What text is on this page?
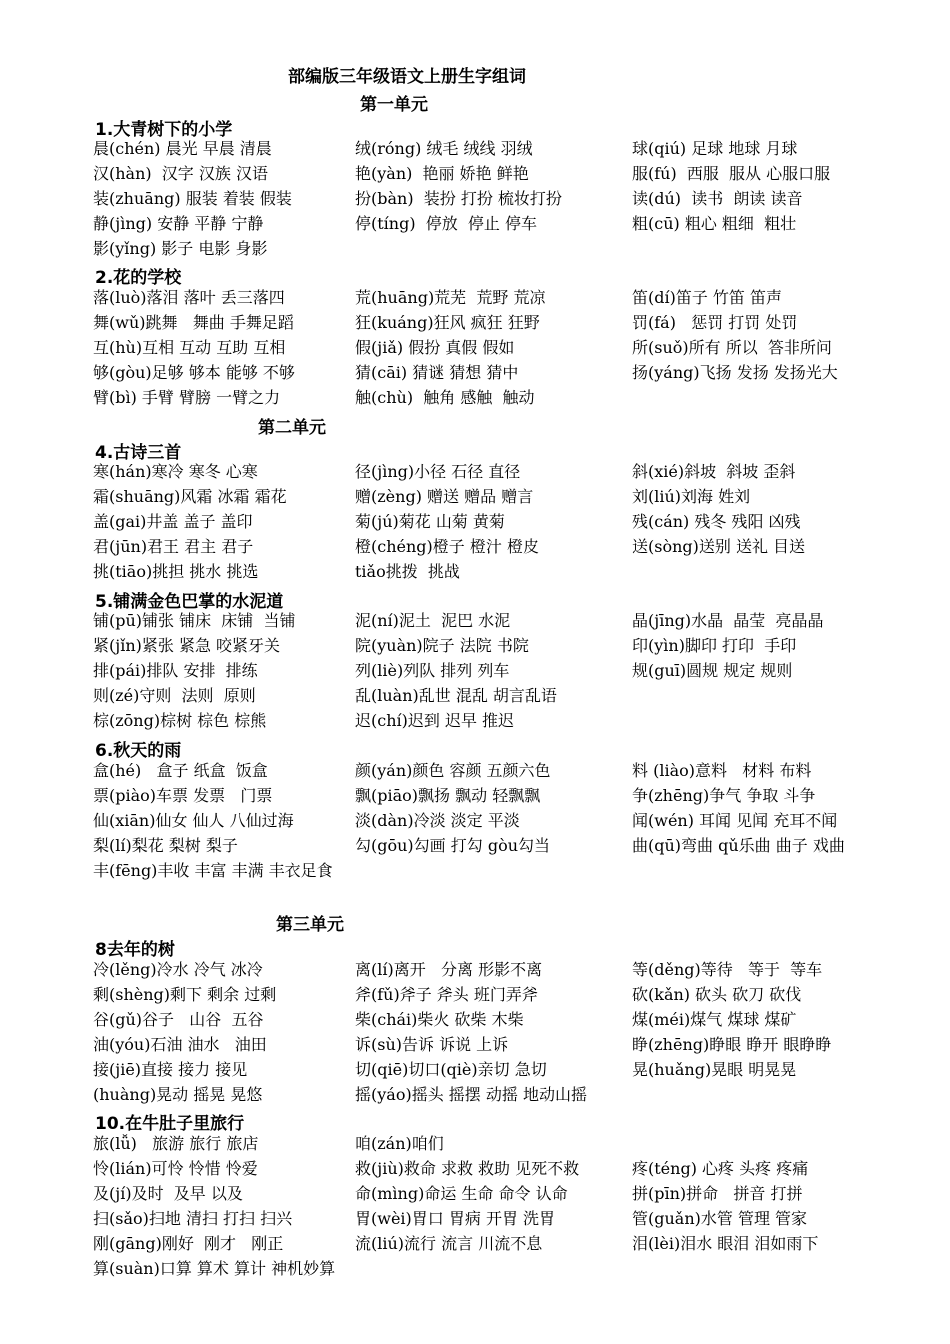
部编版三年级语文上册生字组词
第一单元
1.大青树下的小学
晨(chén) 晨光 早晨 清晨	绒(róng) 绒毛 绒线 羽绒	球(qiú) 足球 地球 月球
汉(hàn)  汉字 汉族 汉语	艳(yàn)  艳丽 娇艳 鲜艳	服(fú)  西服  服从 心服口服
装(zhuāng) 服装 着装 假装	扮(bàn)  装扮 打扮 梳妆打扮	读(dú)  读书  朗读 读音
静(jìng) 安静 平静 宁静	停(tíng)  停放  停止 停车	粗(cū) 粗心 粗细  粗壮
影(yǐng) 影子 电影 身影
2.花的学校
落(luò)落泪 落叶 丢三落四	荒(huāng)荒芜  荒野 荒凉	笛(dí)笛子 竹笛 笛声
舞(wǔ)跳舞   舞曲 手舞足蹈	狂(kuáng)狂风 疯狂 狂野	罚(fá)   惩罚 打罚 处罚
互(hù)互相 互动 互助 互相	假(jiǎ) 假扮 真假 假如	所(suǒ)所有 所以  答非所问
够(gòu)足够 够本 能够 不够	猜(cāi) 猜谜 猜想 猜中	扬(yáng)飞扬 发扬 发扬光大
臂(bì) 手臂 臂膀 一臂之力	触(chù)  触角 感触  触动
第二单元
4.古诗三首
寒(hán)寒冷 寒冬 心寒	径(jìng)小径 石径 直径	斜(xié)斜坡  斜坡 歪斜
霜(shuāng)风霜 冰霜 霜花	赠(zèng) 赠送 赠品 赠言	刘(liú)刘海 姓刘
盖(gai)井盖 盖子 盖印	菊(jú)菊花 山菊 黄菊	残(cán) 残冬 残阳 凶残
君(jūn)君王 君主 君子	橙(chéng)橙子 橙汁 橙皮	送(sòng)送别 送礼 目送
挑(tiāo)挑担 挑水 挑选	tiǎo挑拨  挑战
5.铺满金色巴掌的水泥道
铺(pū)铺张 铺床  床铺  当铺	泥(ní)泥土  泥巴 水泥	晶(jīng)水晶  晶莹  亮晶晶
紧(jǐn)紧张 紧急 咬紧牙关	院(yuàn)院子 法院 书院	印(yìn)脚印 打印  手印
排(pái)排队 安排  排练	列(liè)列队 排列 列车	规(guī)圆规 规定 规则
则(zé)守则  法则  原则	乱(luàn)乱世 混乱 胡言乱语
棕(zōng)棕树 棕色 棕熊	迟(chí)迟到 迟早 推迟
6.秋天的雨
盒(hé)   盒子 纸盒  饭盒	颜(yán)颜色 容颜 五颜六色	料 (liào)意料   材料 布料
票(piào)车票 发票   门票	飘(piāo)飘扬 飘动 轻飘飘	争(zhēng)争气 争取 斗争
仙(xiān)仙女 仙人 八仙过海	淡(dàn)冷淡 淡定 平淡	闻(wén) 耳闻 见闻 充耳不闻
梨(lí)梨花 梨树 梨子	勾(gōu)勾画 打勾 gòu勾当	曲(qū)弯曲 qǔ乐曲 曲子 戏曲
丰(fēng)丰收 丰富 丰满 丰衣足食
第三单元
8去年的树
冷(lěng)冷水 冷气 冰冷	离(lí)离开   分离 形影不离	等(děng)等待   等于  等车
剩(shèng)剩下 剩余 过剩	斧(fǔ)斧子 斧头 班门弄斧	砍(kǎn) 砍头 砍刀 砍伐
谷(gǔ)谷子   山谷  五谷	柴(chái)柴火 砍柴 木柴	煤(méi)煤气 煤球 煤矿
油(yóu)石油 油水   油田	诉(sù)告诉 诉说 上诉	睁(zhēng)睁眼 睁开 眼睁睁
接(jiē)直接 接力 接见	切(qiē)切口(qiè)亲切 急切	晃(huǎng)晃眼 明晃晃
(huàng)晃动 摇晃 晃悠	摇(yáo)摇头 摇摆 动摇 地动山摇
10.在牛肚子里旅行
旅(lǚ)   旅游 旅行 旅店	咱(zán)咱们
怜(lián)可怜 怜惜 怜爱	救(jiù)救命 求救 救助 见死不救	疼(téng) 心疼 头疼 疼痛
及(jí)及时  及早 以及	命(mìng)命运 生命 命令 认命	拼(pīn)拼命   拼音 打拼
扫(sǎo)扫地 清扫 打扫 扫兴	胃(wèi)胃口 胃病 开胃 洗胃	管(guǎn)水管 管理 管家
刚(gāng)刚好  刚才   刚正	流(liú)流行 流言 川流不息	泪(lèi)泪水 眼泪 泪如雨下
算(suàn)口算 算术 算计 神机妙算
